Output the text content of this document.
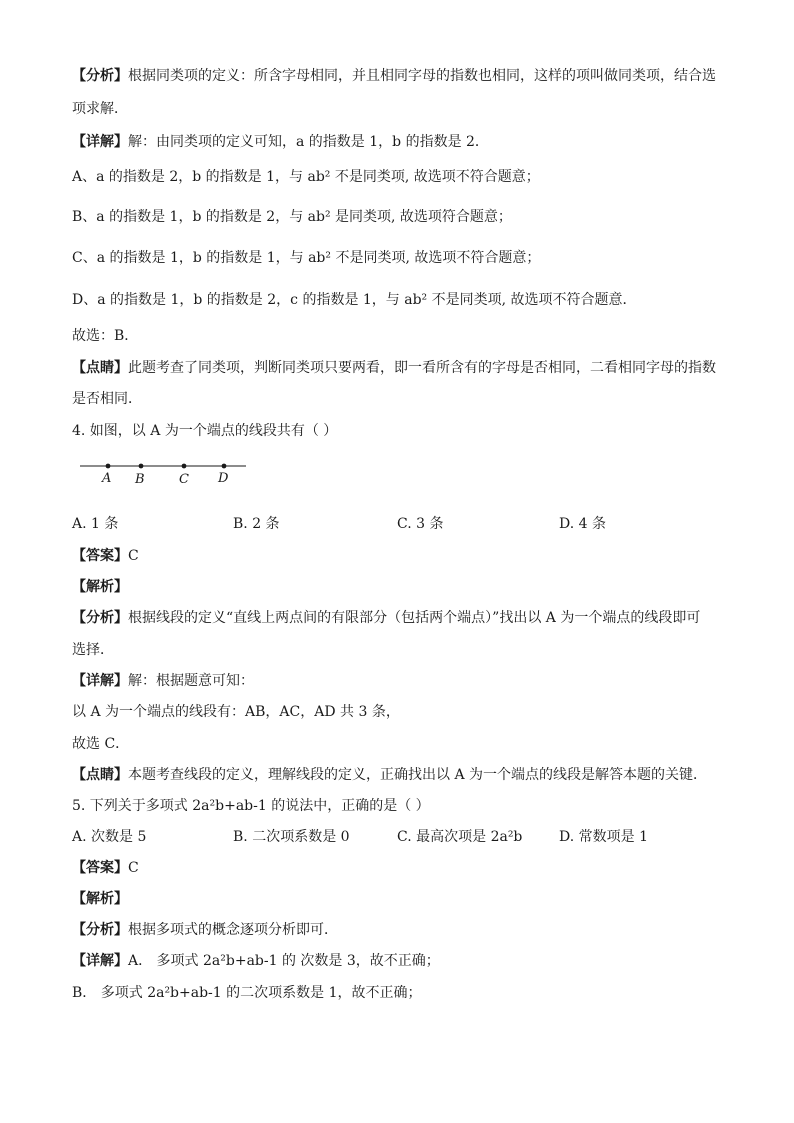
【分析】根据同类项的定义：所含字母相同，并且相同字母的指数也相同，这样的项叫做同类项，结合选

项求解．

【详解】解：由同类项的定义可知，a 的指数是 1，b 的指数是 2．

A、a 的指数是 2，b 的指数是 1，与 ab² 不是同类项, 故选项不符合题意；

B、a 的指数是 1，b 的指数是 2，与 ab² 是同类项, 故选项符合题意；

C、a 的指数是 1，b 的指数是 1，与 ab² 不是同类项, 故选项不符合题意；

D、a 的指数是 1，b 的指数是 2，c 的指数是 1，与 ab² 不是同类项, 故选项不符合题意．

故选：B．

【点睛】此题考查了同类项，判断同类项只要两看，即一看所含有的字母是否相同，二看相同字母的指数

是否相同．

4. 如图，以 A 为一个端点的线段共有（ ）

A B	C D
A. 1 条	B. 2 条	C. 3 条	D. 4 条

【答案】C

【解析】

【分析】根据线段的定义“直线上两点间的有限部分（包括两个端点）”找出以 A 为一个端点的线段即可

选择．

【详解】解：根据题意可知：

以 A 为一个端点的线段有：AB，AC，AD 共 3 条，

故选 C．

【点睛】本题考查线段的定义，理解线段的定义，正确找出以 A 为一个端点的线段是解答本题的关键．

5. 下列关于多项式 2a²b+ab-1 的说法中，正确的是（ ）

A. 次数是 5	B. 二次项系数是 0	C. 最高次项是 2a²b	D. 常数项是 1

【答案】C

【解析】

【分析】根据多项式的概念逐项分析即可．

【详解】A． 多项式 2a²b+ab-1 的 次数是 3，故不正确；

B． 多项式 2a²b+ab-1 的二次项系数是 1，故不正确；
